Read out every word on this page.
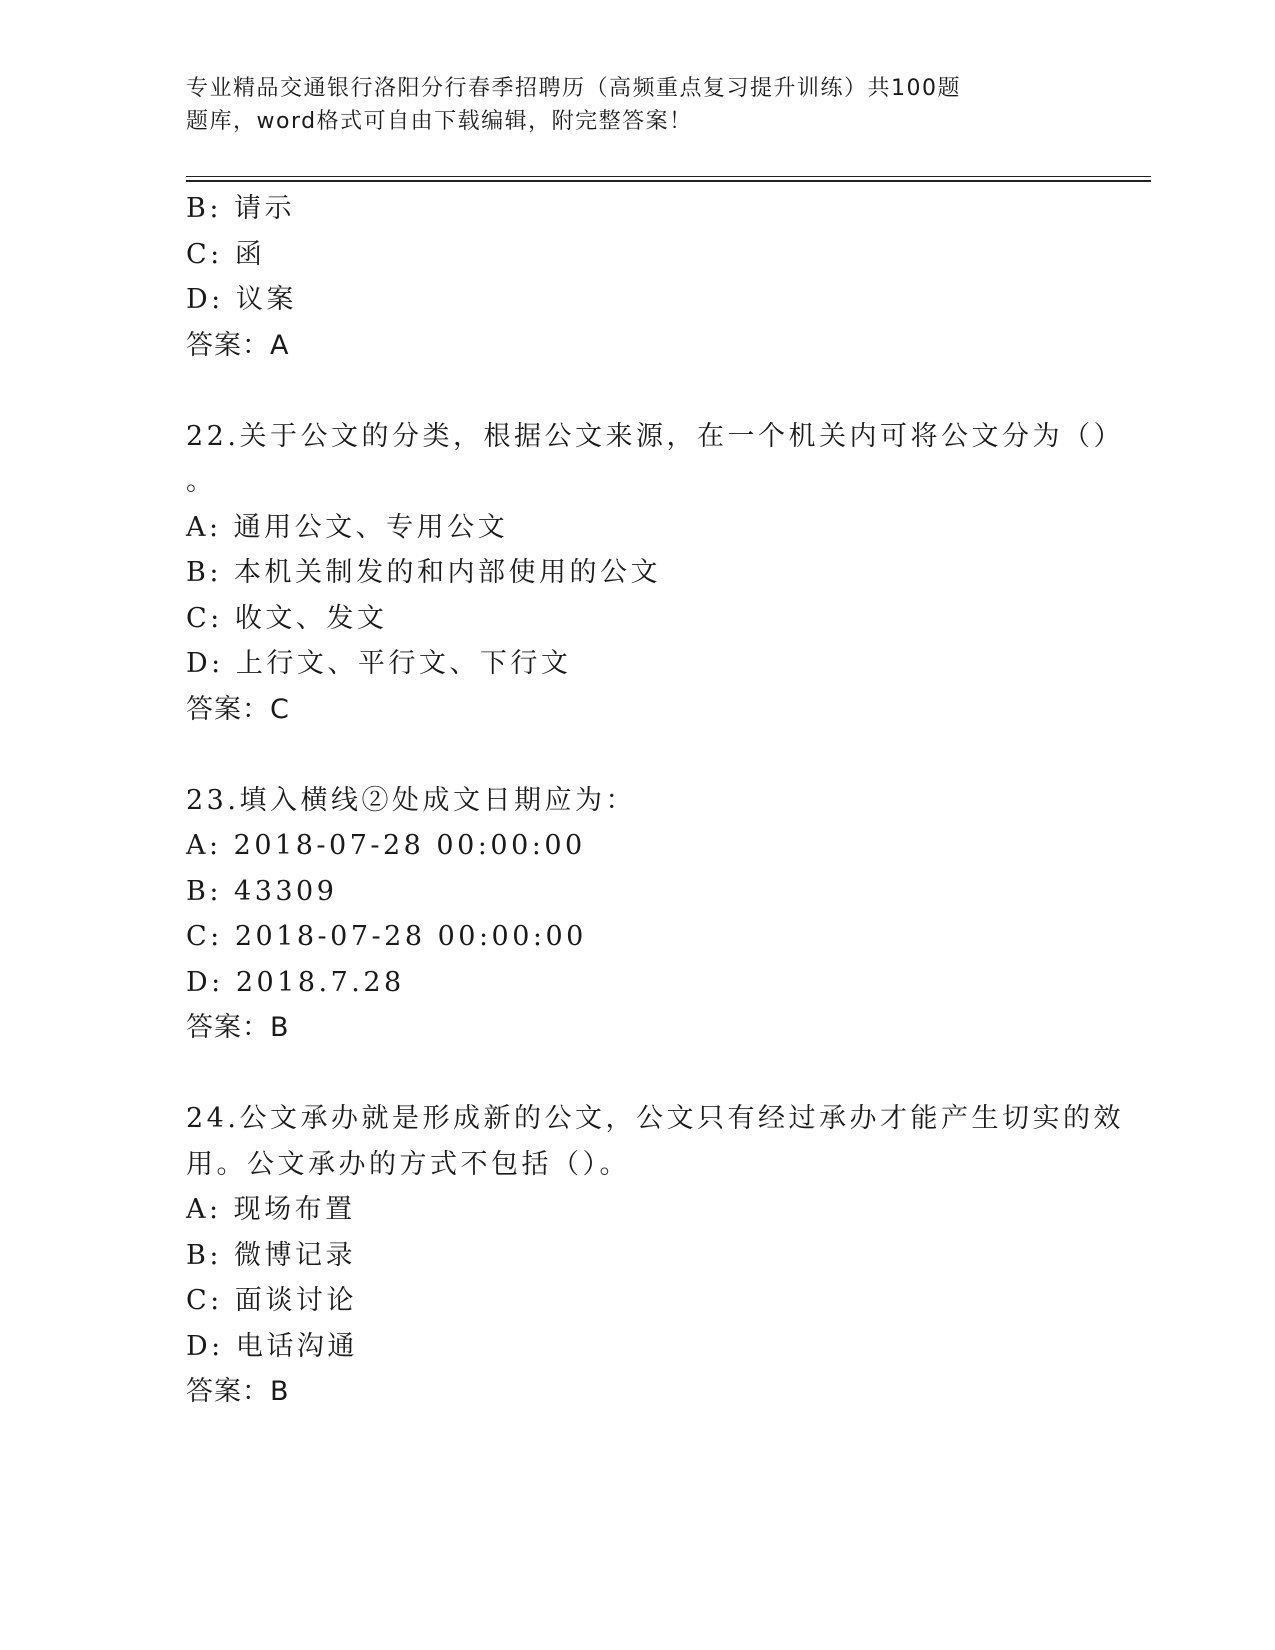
专业精品交通银行洛阳分行春季招聘历（高频重点复习提升训练）共100题
题库，word格式可自由下载编辑，附完整答案！
B: 请示
C: 函
D: 议案
答案：A
22.关于公文的分类，根据公文来源，在一个机关内可将公文分为（）
。
A: 通用公文、专用公文
B: 本机关制发的和内部使用的公文
C: 收文、发文
D: 上行文、平行文、下行文
答案：C
23.填入横线②处成文日期应为：
A: 2018-07-28 00:00:00
B: 43309
C: 2018-07-28 00:00:00
D: 2018.7.28
答案：B
24.公文承办就是形成新的公文，公文只有经过承办才能产生切实的效
用。公文承办的方式不包括（）。
A: 现场布置
B: 微博记录
C: 面谈讨论
D: 电话沟通
答案：B
